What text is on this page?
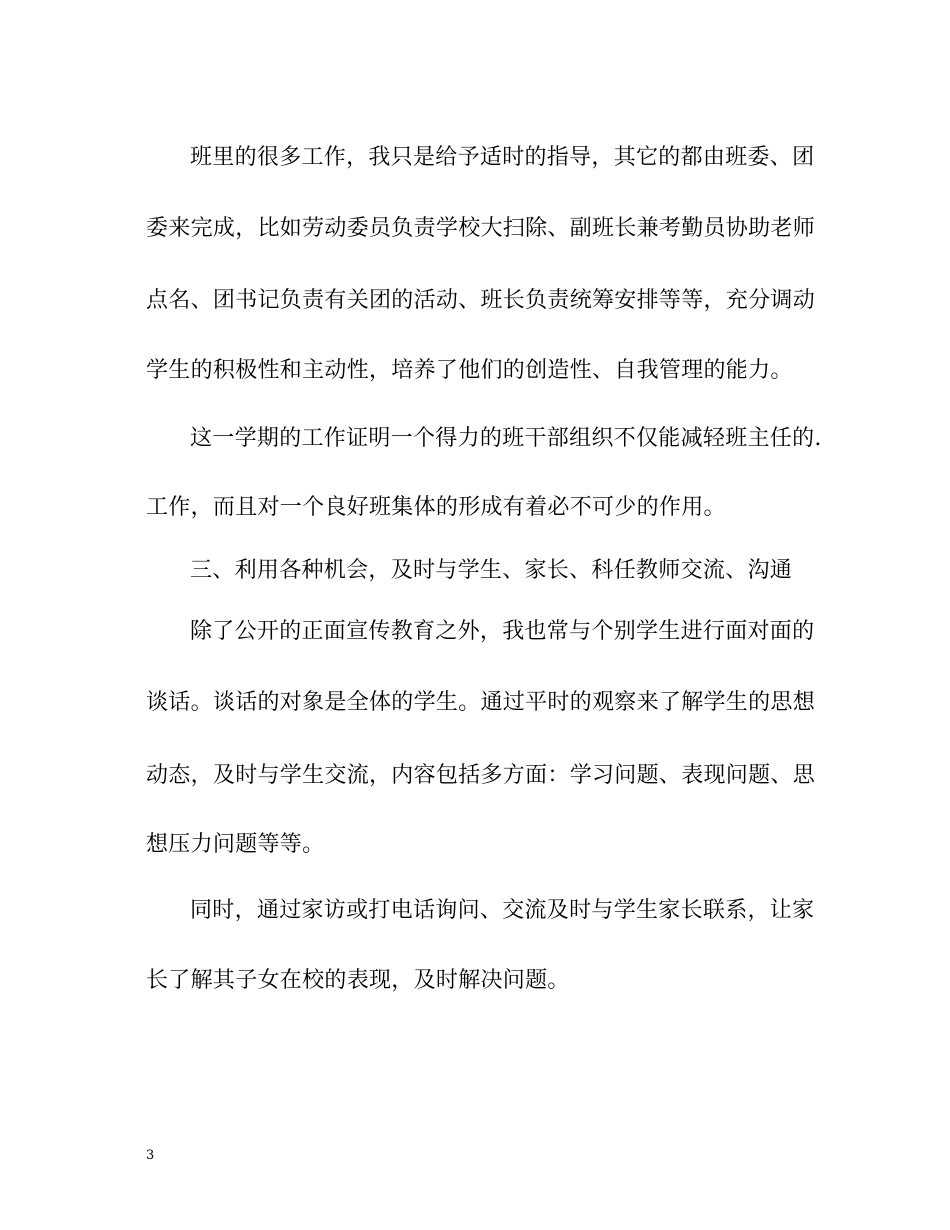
班里的很多工作，我只是给予适时的指导，其它的都由班委、团
委来完成，比如劳动委员负责学校大扫除、副班长兼考勤员协助老师
点名、团书记负责有关团的活动、班长负责统筹安排等等，充分调动
学生的积极性和主动性，培养了他们的创造性、自我管理的能力。
这一学期的工作证明一个得力的班干部组织不仅能减轻班主任的.
工作，而且对一个良好班集体的形成有着必不可少的作用。
三、利用各种机会，及时与学生、家长、科任教师交流、沟通
除了公开的正面宣传教育之外，我也常与个别学生进行面对面的
谈话。谈话的对象是全体的学生。通过平时的观察来了解学生的思想
动态，及时与学生交流，内容包括多方面：学习问题、表现问题、思
想压力问题等等。
同时，通过家访或打电话询问、交流及时与学生家长联系，让家
长了解其子女在校的表现，及时解决问题。
3
